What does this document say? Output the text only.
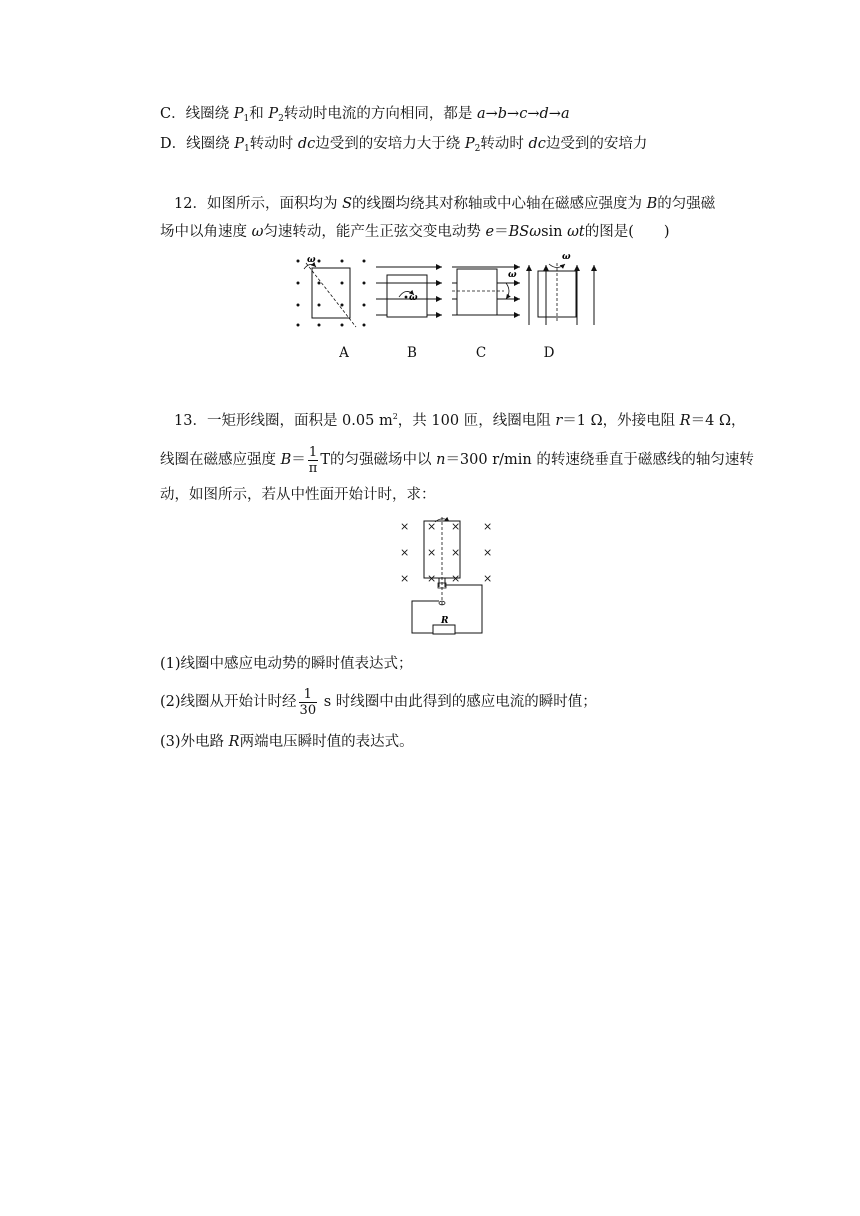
C．线圈绕 $P_1$和 $P_2$转动时电流的方向相同，都是 a→b→c→d→a
D．线圈绕 $P_1$转动时 dc边受到的安培力大于绕 $P_2$转动时 dc边受到的安培力
12．如图所示，面积均为 S的线圈均绕其对称轴或中心轴在磁感应强度为 B的匀强磁
场中以角速度 ω匀速转动，能产生正弦交变电动势 e＝BSωsin ωt的图是( )
ω
ω
ω
ω
A	B	C	D
13．一矩形线圈，面积是 0.05 $m^2$，共 100 匝，线圈电阻 r＝1 Ω，外接电阻 R＝4 Ω，
线圈在磁感应强度 $B= \frac{1}{\pi}$ T的匀强磁场中以 n＝300 r/min 的转速绕垂直于磁感线的轴匀速转
动，如图所示，若从中性面开始计时，求：
× × × ×
× × × ×
× × × ×
R
(1)线圈中感应电动势的瞬时值表达式；
(2)线圈从开始计时经 $\frac{1}{30}$ s 时线圈中由此得到的感应电流的瞬时值；
(3)外电路 R两端电压瞬时值的表达式。
